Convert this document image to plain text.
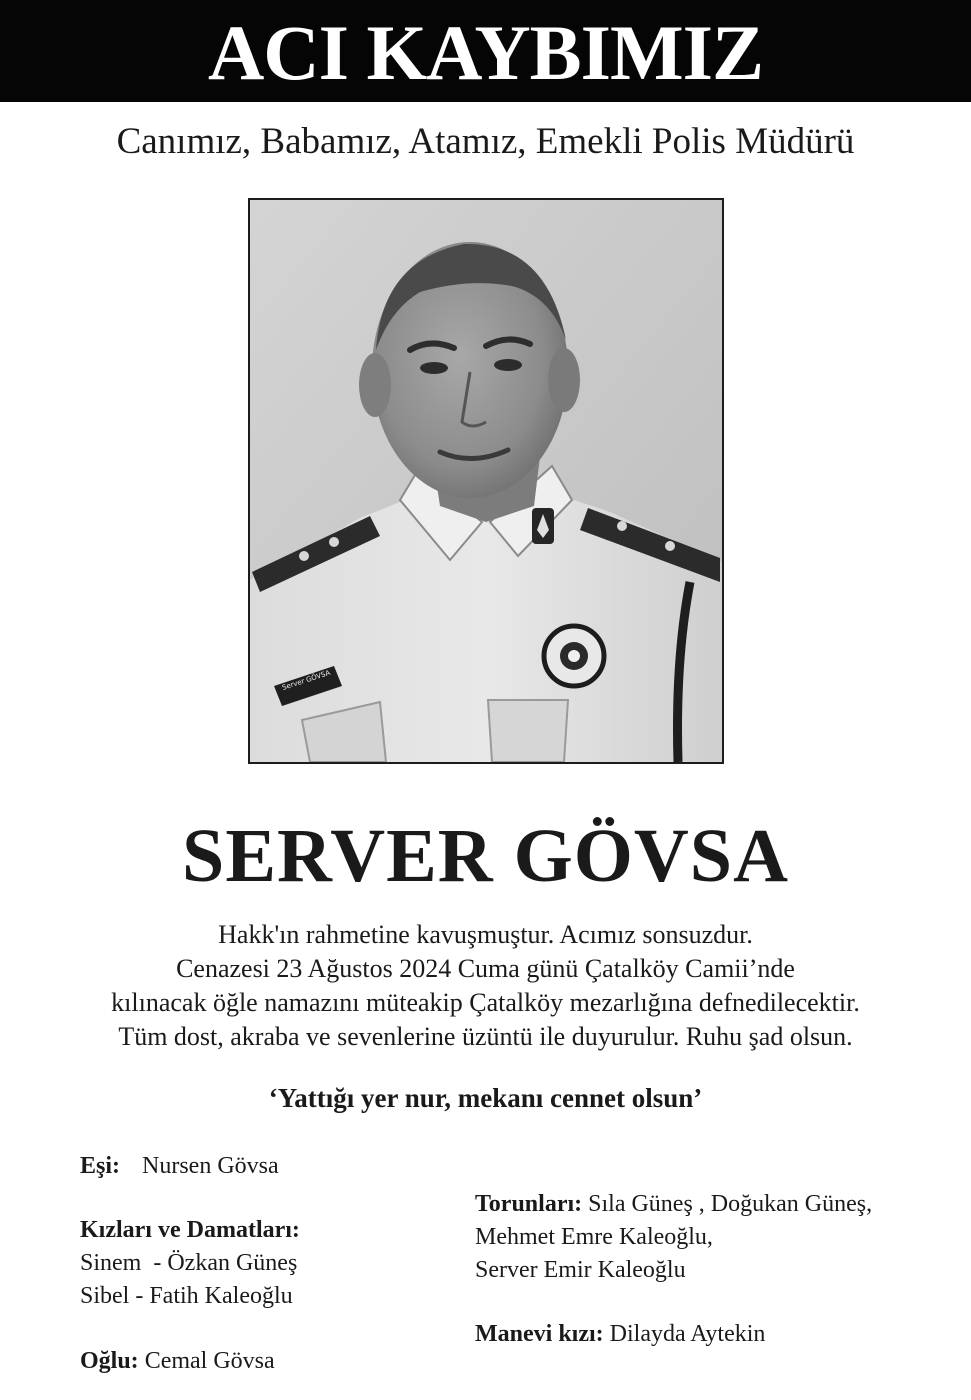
ACI KAYBIMIZ
Canımız, Babamız, Atamız, Emekli Polis Müdürü
Server GÖVSA
SERVER GÖVSA
Hakk'ın rahmetine kavuşmuştur. Acımız sonsuzdur.
Cenazesi 23 Ağustos 2024 Cuma günü Çatalköy Camii’nde
kılınacak öğle namazını müteakip Çatalköy mezarlığına defnedilecektir.
Tüm dost, akraba ve sevenlerine üzüntü ile duyurulur. Ruhu şad olsun.
‘Yattığı yer nur, mekanı cennet olsun’
Eşi: Nursen Gövsa
Kızları ve Damatları:
Sinem  - Özkan Güneş
Sibel - Fatih Kaleoğlu
Oğlu: Cemal Gövsa
Torunları: Sıla Güneş , Doğukan Güneş,
Mehmet Emre Kaleoğlu,
Server Emir Kaleoğlu
Manevi kızı: Dilayda Aytekin
